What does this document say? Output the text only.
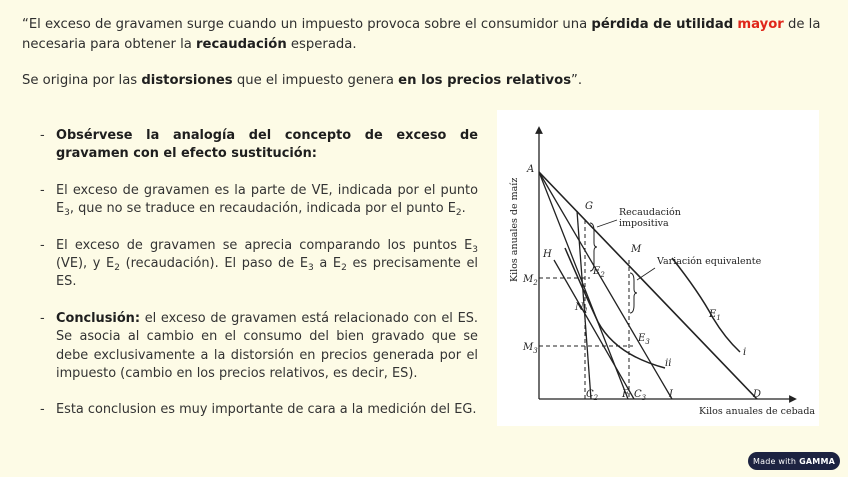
“El exceso de gravamen surge cuando un impuesto provoca sobre el consumidor una pérdida de utilidad mayor de la necesaria para obtener la recaudación esperada.

Se origina por las distorsiones que el impuesto genera en los precios relativos”.

- Obsérvese la analogía del concepto de exceso de gravamen con el efecto sustitución:
- El exceso de gravamen es la parte de VE, indicada por el punto $E_3$, que no se traduce en recaudación, indicada por el punto $E_2$.
- El exceso de gravamen se aprecia comparando los puntos $E_3$ (VE), y $E_2$ (recaudación). El paso de $E_3$ a $E_2$ es precisamente el ES.
- Conclusión: el exceso de gravamen está relacionado con el ES. Se asocia al cambio en el consumo del bien gravado que se debe exclusivamente a la distorsión en precios generada por el impuesto (cambio en los precios relativos, es decir, ES).
- Esta conclusion es muy importante de cara a la medición del EG.
Kilos anuales de maíz
Kilos anuales de cebada
Recaudación impositiva
Variación equivalente
A
G
H	M
$N_1$
$E_2$
$E_3$
$E_1$
$M_2$
$M_3$	i
ii
$C_2$ F $C_3$ I	D
Made with GAMMA
